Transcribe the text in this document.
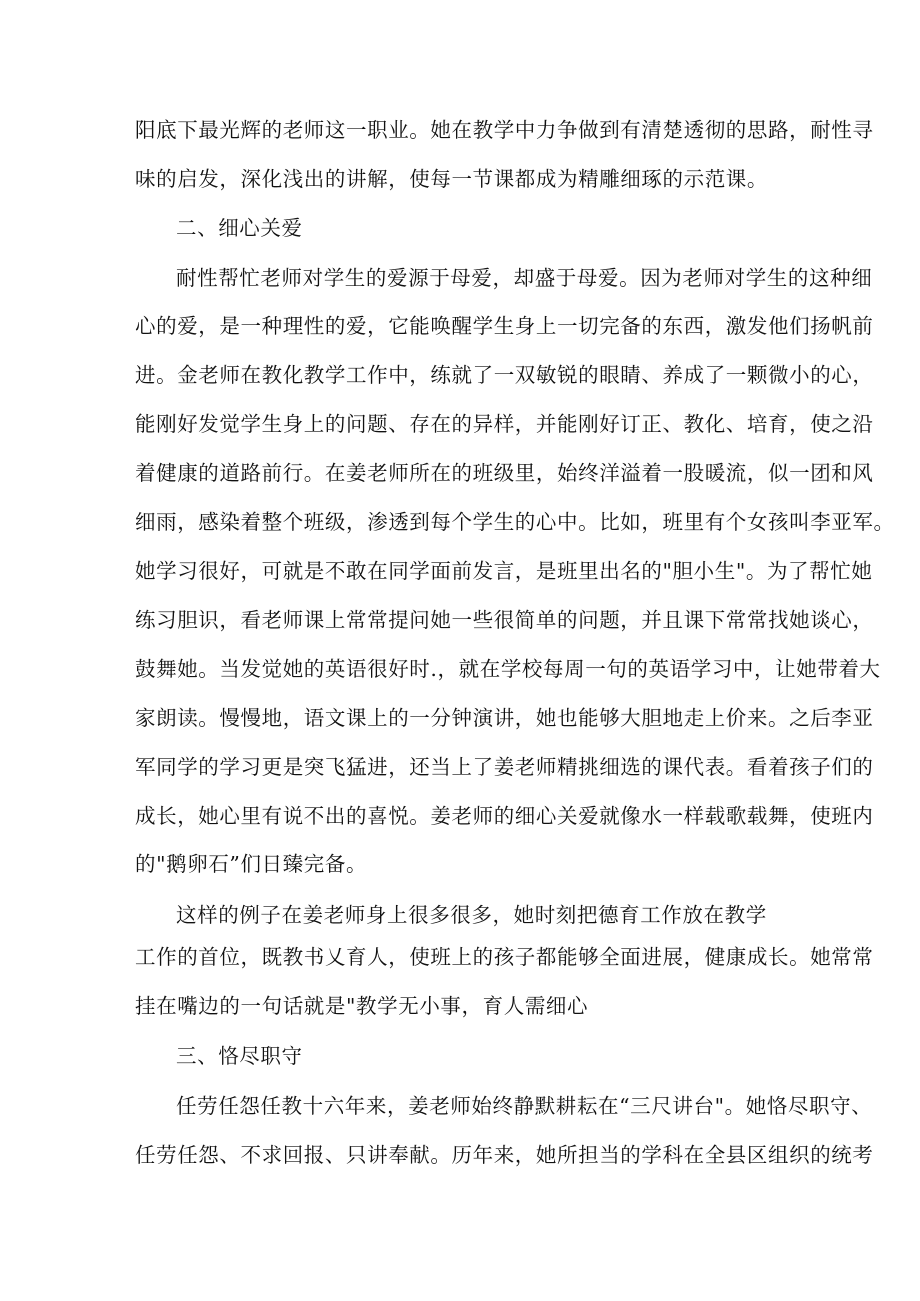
阳底下最光辉的老师这一职业。她在教学中力争做到有清楚透彻的思路，耐性寻
味的启发，深化浅出的讲解，使每一节课都成为精雕细琢的示范课。
二、细心关爱
耐性帮忙老师对学生的爱源于母爱，却盛于母爱。因为老师对学生的这种细
心的爱，是一种理性的爱，它能唤醒学生身上一切完备的东西，激发他们扬帆前
进。金老师在教化教学工作中，练就了一双敏锐的眼睛、养成了一颗微小的心，
能刚好发觉学生身上的问题、存在的异样，并能刚好订正、教化、培育，使之沿
着健康的道路前行。在姜老师所在的班级里，始终洋溢着一股暖流，似一团和风
细雨，感染着整个班级，渗透到每个学生的心中。比如，班里有个女孩叫李亚军。
她学习很好，可就是不敢在同学面前发言，是班里出名的"胆小生"。为了帮忙她
练习胆识，看老师课上常常提问她一些很简单的问题，并且课下常常找她谈心，
鼓舞她。当发觉她的英语很好时.，就在学校每周一句的英语学习中，让她带着大
家朗读。慢慢地，语文课上的一分钟演讲，她也能够大胆地走上价来。之后李亚
军同学的学习更是突飞猛进，还当上了姜老师精挑细选的课代表。看着孩子们的
成长，她心里有说不出的喜悦。姜老师的细心关爱就像水一样载歌载舞，使班内
的"鹅卵石”们日臻完备。
这样的例子在姜老师身上很多很多，她时刻把德育工作放在教学
工作的首位，既教书乂育人，使班上的孩子都能够全面进展，健康成长。她常常
挂在嘴边的一句话就是"教学无小事，育人需细心
三、恪尽职守
任劳任怨任教十六年来，姜老师始终静默耕耘在“三尺讲台"。她恪尽职守、
任劳任怨、不求回报、只讲奉献。历年来，她所担当的学科在全县区组织的统考
